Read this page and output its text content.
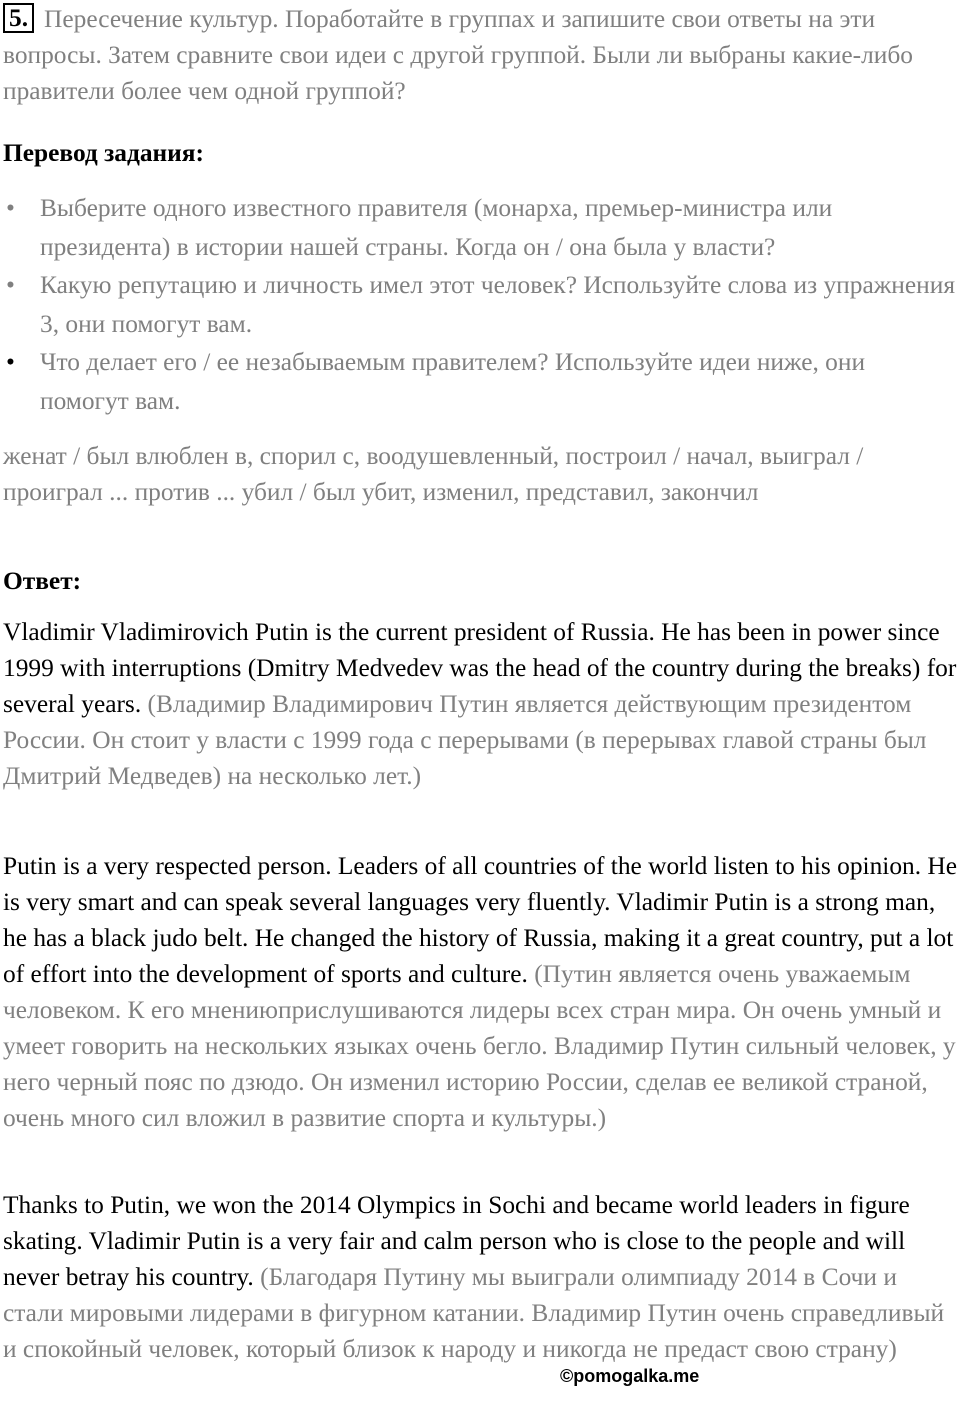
5. Пересечение культур. Поработайте в группах и запишите свои ответы на эти вопросы. Затем сравните свои идеи с другой группой. Были ли выбраны какие-либо правители более чем одной группой?

Перевод задания:

• Выберите одного известного правителя (монарха, премьер-министра или президента) в истории нашей страны. Когда он / она была у власти?
• Какую репутацию и личность имел этот человек? Используйте слова из упражнения 3, они помогут вам.
• Что делает его / ее незабываемым правителем? Используйте идеи ниже, они помогут вам.

женат / был влюблен в, спорил с, воодушевленный, построил / начал, выиграл / проиграл ... против ... убил / был убит, изменил, представил, закончил

Ответ:

Vladimir Vladimirovich Putin is the current president of Russia. He has been in power since 1999 with interruptions (Dmitry Medvedev was the head of the country during the breaks) for several years. (Владимир Владимирович Путин является действующим президентом России. Он стоит у власти с 1999 года с перерывами (в перерывах главой страны был Дмитрий Медведев) на несколько лет.)

Putin is a very respected person. Leaders of all countries of the world listen to his opinion. He is very smart and can speak several languages very fluently. Vladimir Putin is a strong man, he has a black judo belt. He changed the history of Russia, making it a great country, put a lot of effort into the development of sports and culture. (Путин является очень уважаемым человеком. К его мнениюприслушиваются лидеры всех стран мира. Он очень умный и умеет говорить на нескольких языках очень бегло. Владимир Путин сильный человек, у него черный пояс по дзюдо. Он изменил историю России, сделав ее великой страной, очень много сил вложил в развитие спорта и культуры.)

Thanks to Putin, we won the 2014 Olympics in Sochi and became world leaders in figure skating. Vladimir Putin is a very fair and calm person who is close to the people and will never betray his country. (Благодаря Путину мы выиграли олимпиаду 2014 в Сочи и стали мировыми лидерами в фигурном катании. Владимир Путин очень справедливый и спокойный человек, который близок к народу и никогда не предаст свою страну)

©pomogalka.me
